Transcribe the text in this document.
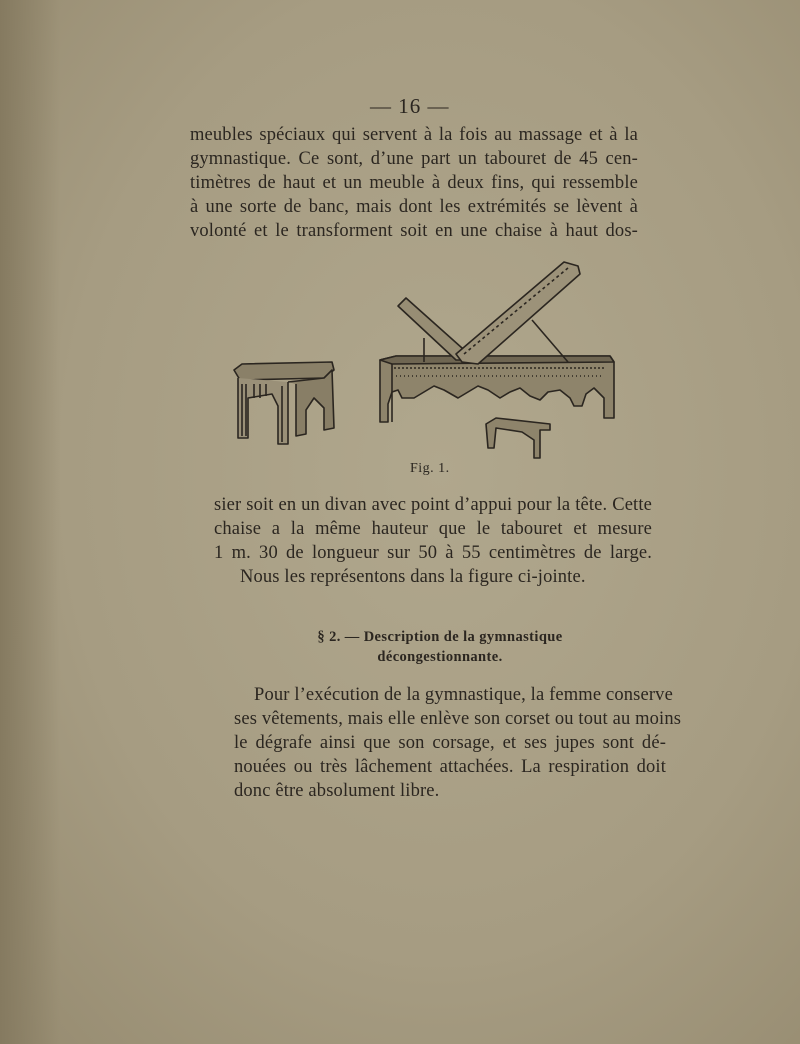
— 16 —
meubles spéciaux qui servent à la fois au massage et à la
gymnastique. Ce sont, d’une part un tabouret de 45 cen-
timètres de haut et un meuble à deux fins, qui ressemble
à une sorte de banc, mais dont les extrémités se lèvent à
volonté et le transforment soit en une chaise à haut dos-
Fig. 1.
sier soit en un divan avec point d’appui pour la tête. Cette
chaise a la même hauteur que le tabouret et mesure
1 m. 30 de longueur sur 50 à 55 centimètres de large.
Nous les représentons dans la figure ci-jointe.
§ 2. — Description de la gymnastique
décongestionnante.
Pour l’exécution de la gymnastique, la femme conserve
ses vêtements, mais elle enlève son corset ou tout au moins
le dégrafe ainsi que son corsage, et ses jupes sont dé-
nouées ou très lâchement attachées. La respiration doit
donc être absolument libre.
